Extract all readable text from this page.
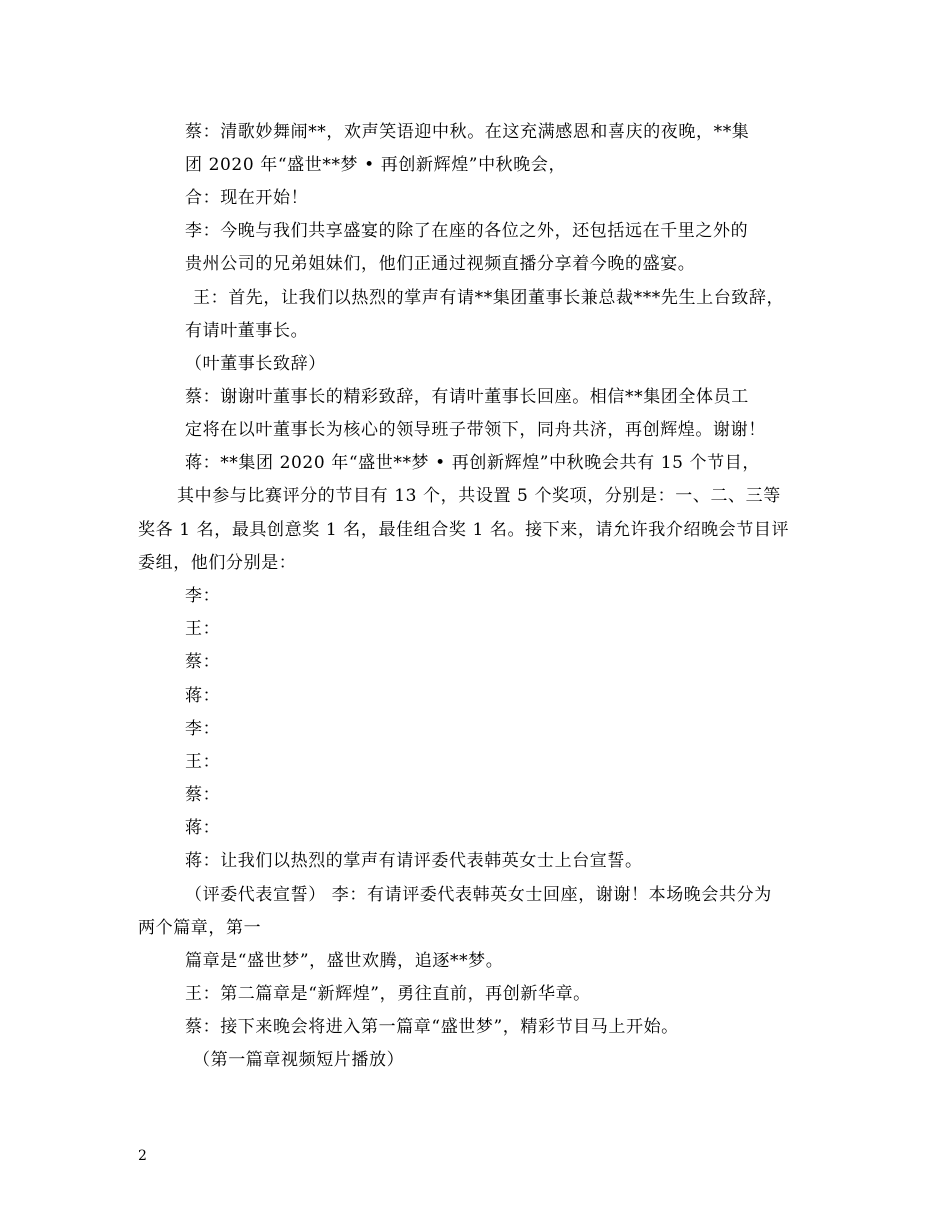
蔡：清歌妙舞闹**，欢声笑语迎中秋。在这充满感恩和喜庆的夜晚，**集
团 2020 年“盛世**梦 • 再创新辉煌”中秋晚会，
合：现在开始！
李：今晚与我们共享盛宴的除了在座的各位之外，还包括远在千里之外的
贵州公司的兄弟姐妹们，他们正通过视频直播分享着今晚的盛宴。
王：首先，让我们以热烈的掌声有请**集团董事长兼总裁***先生上台致辞，
有请叶董事长。
（叶董事长致辞）
蔡：谢谢叶董事长的精彩致辞，有请叶董事长回座。相信**集团全体员工
定将在以叶董事长为核心的领导班子带领下，同舟共济，再创辉煌。谢谢！
蒋：**集团 2020 年“盛世**梦 • 再创新辉煌”中秋晚会共有 15 个节目，
其中参与比赛评分的节目有 13 个，共设置 5 个奖项，分别是：一、二、三等
奖各 1 名，最具创意奖 1 名，最佳组合奖 1 名。接下来，请允许我介绍晚会节目评
委组，他们分别是：
李：
王：
蔡：
蒋：
李：
王：
蔡：
蒋：
蒋：让我们以热烈的掌声有请评委代表韩英女士上台宣誓。
（评委代表宣誓） 李：有请评委代表韩英女士回座，谢谢！本场晚会共分为
两个篇章，第一
篇章是“盛世梦”，盛世欢腾，追逐**梦。
王：第二篇章是“新辉煌”，勇往直前，再创新华章。
蔡：接下来晚会将进入第一篇章“盛世梦”，精彩节目马上开始。
（第一篇章视频短片播放）
2
